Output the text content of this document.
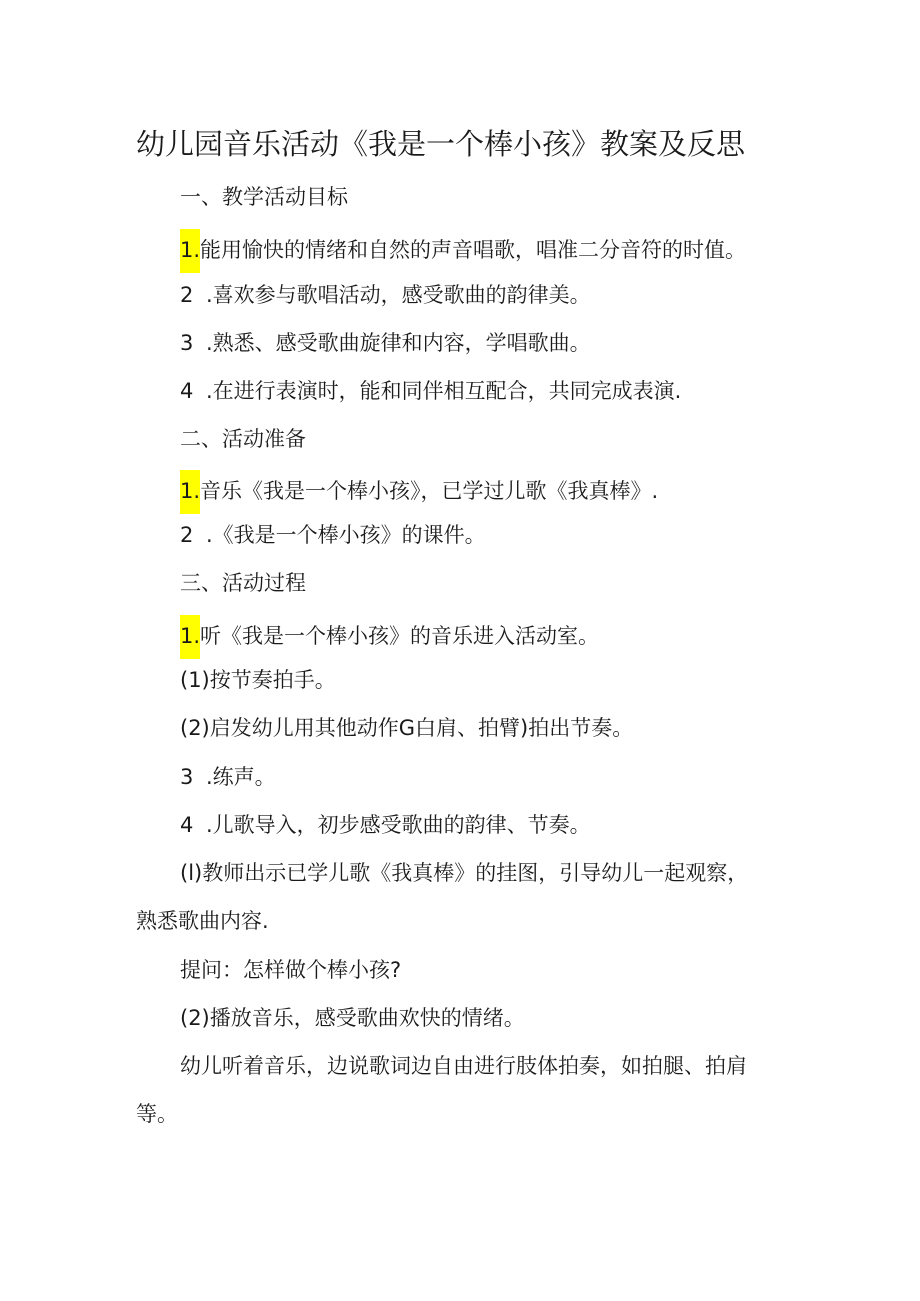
幼儿园音乐活动《我是一个棒小孩》教案及反思
一、教学活动目标
1.能用愉快的情绪和自然的声音唱歌，唱准二分音符的时值。
2 .喜欢参与歌唱活动，感受歌曲的韵律美。
3 .熟悉、感受歌曲旋律和内容，学唱歌曲。
4 .在进行表演时，能和同伴相互配合，共同完成表演.
二、活动准备
1.音乐《我是一个棒小孩》，已学过儿歌《我真棒》.
2 .《我是一个棒小孩》的课件。
三、活动过程
1.听《我是一个棒小孩》的音乐进入活动室。
(1)按节奏拍手。
(2)启发幼儿用其他动作G白肩、拍臂)拍出节奏。
3 .练声。
4 .儿歌导入，初步感受歌曲的韵律、节奏。
(l)教师出示已学儿歌《我真棒》的挂图，引导幼儿一起观察，
熟悉歌曲内容.
提问：怎样做个棒小孩?
(2)播放音乐，感受歌曲欢快的情绪。
幼儿听着音乐，边说歌词边自由进行肢体拍奏，如拍腿、拍肩
等。
